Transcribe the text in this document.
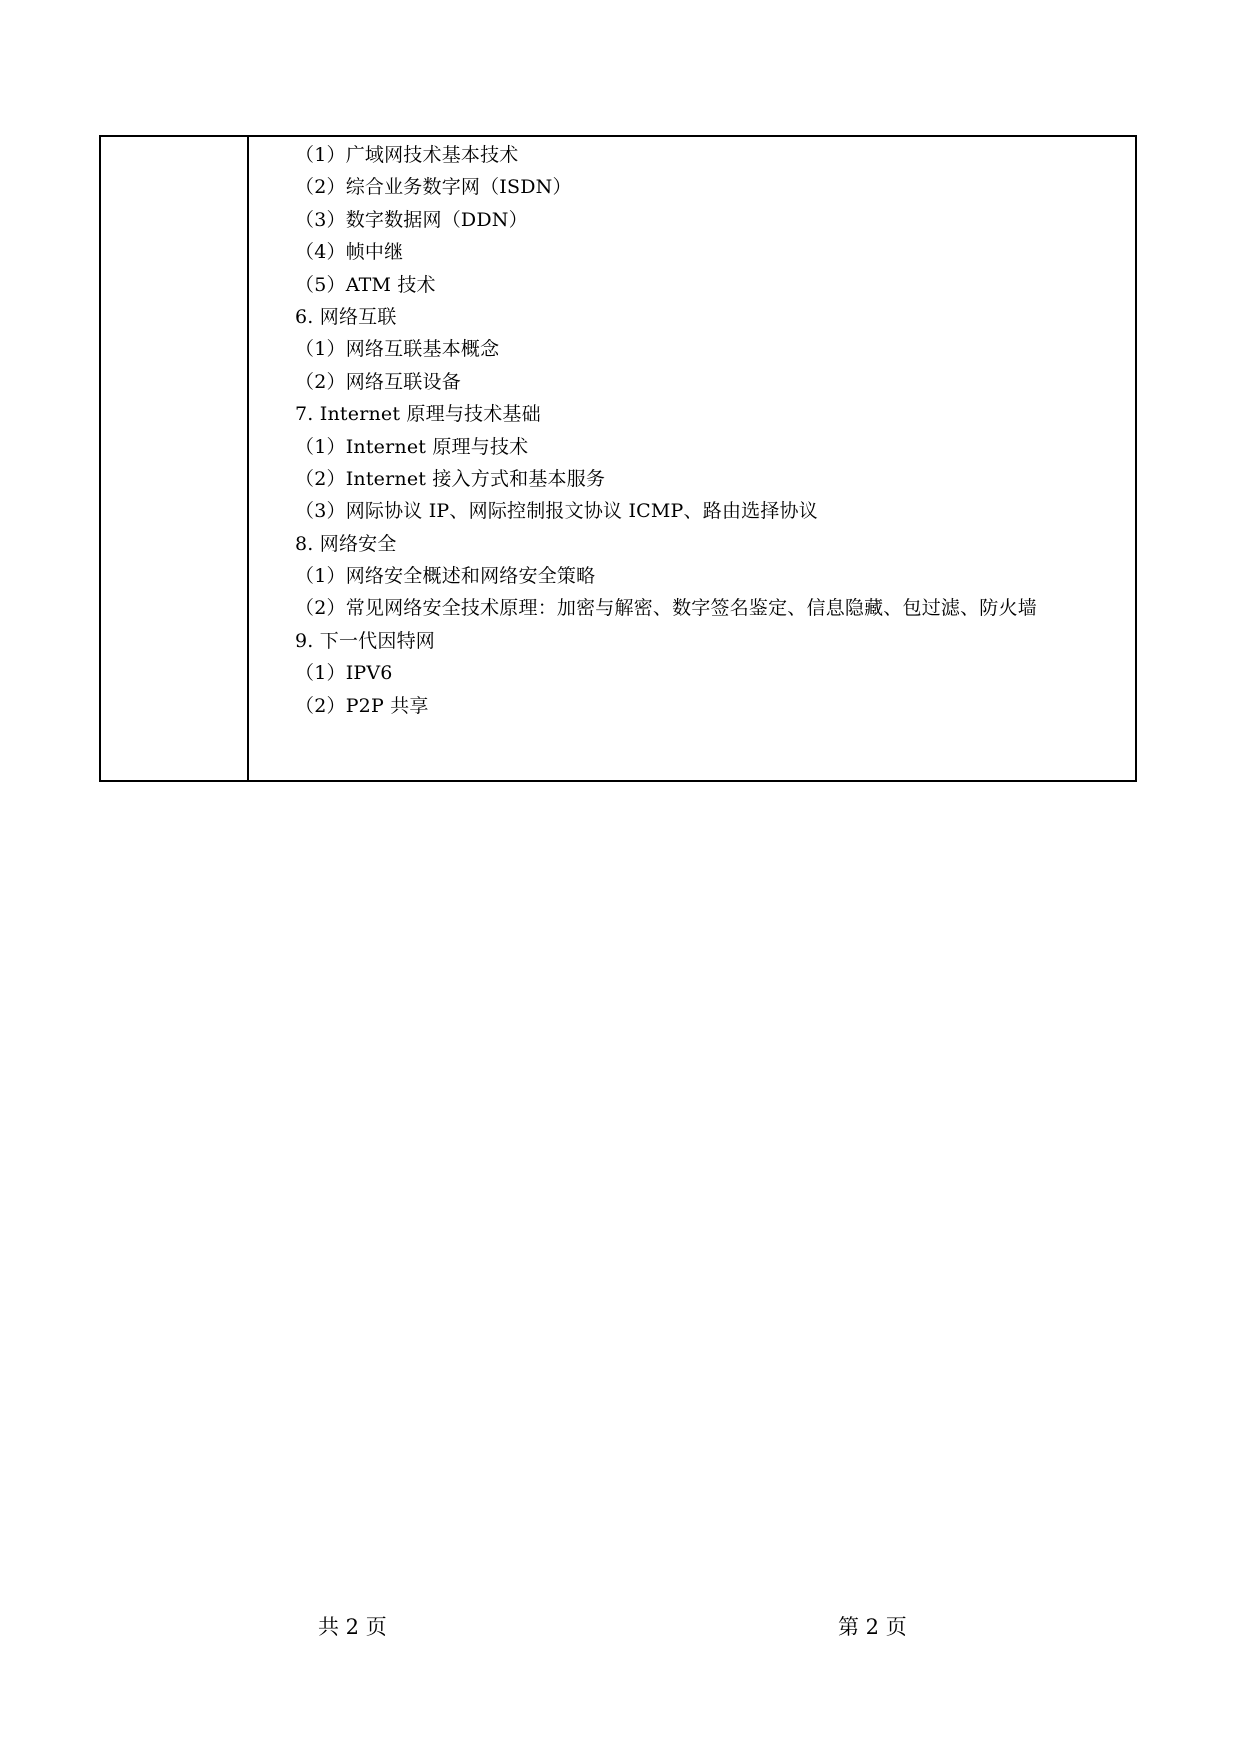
（1）广域网技术基本技术
（2）综合业务数字网（ISDN）
（3）数字数据网（DDN）
（4）帧中继
（5）ATM 技术
6. 网络互联
（1）网络互联基本概念
（2）网络互联设备
7. Internet 原理与技术基础
（1）Internet 原理与技术
（2）Internet 接入方式和基本服务
（3）网际协议 IP、网际控制报文协议 ICMP、路由选择协议
8. 网络安全
（1）网络安全概述和网络安全策略
（2）常见网络安全技术原理：加密与解密、数字签名鉴定、信息隐藏、包过滤、防火墙
9. 下一代因特网
（1）IPV6
（2）P2P 共享
共 2 页	第 2 页
